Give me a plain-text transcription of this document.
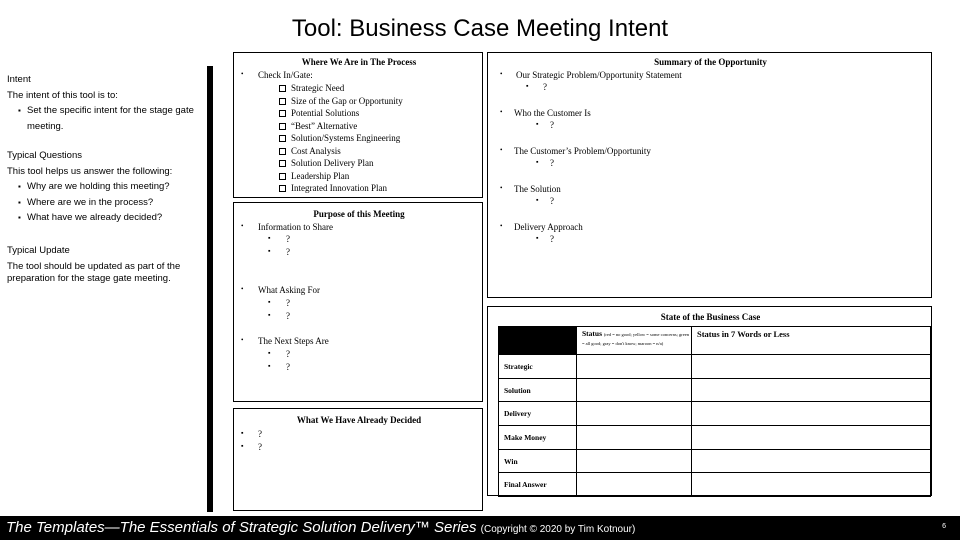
Tool: Business Case Meeting Intent
Intent
The intent of this tool is to:
▪ Set the specific intent for the stage gate meeting.
Typical Questions
This tool helps us answer the following:
▪ Why are we holding this meeting?
▪ Where are we in the process?
▪ What have we already decided?
Typical Update
The tool should be updated as part of the preparation for the stage gate meeting.
Where We Are in The Process
• Check In/Gate:
Strategic Need
Size of the Gap or Opportunity
Potential Solutions
“Best” Alternative
Solution/Systems Engineering
Cost Analysis
Solution Delivery Plan
Leadership Plan
Integrated Innovation Plan
Purpose of this Meeting
• Information to Share
▪ ?
▪ ?
• What Asking For
▪ ?
▪ ?
• The Next Steps Are
▪ ?
▪ ?
What We Have Already Decided
▪ ?
▪ ?
Summary of the Opportunity
• Our Strategic Problem/Opportunity Statement
▪ ?
• Who the Customer Is
▪ ?
• The Customer’s Problem/Opportunity
▪ ?
• The Solution
▪ ?
• Delivery Approach
▪ ?
State of the Business Case
	Status (red = no good; yellow = some concerns; green = all good; gray = don't know; maroon = n/a)	Status in 7 Words or Less
Strategic		
Solution		
Delivery		
Make Money		
Win		
Final Answer		
The Templates—The Essentials of Strategic Solution Delivery™ Series (Copyright © 2020 by Tim Kotnour)	6
